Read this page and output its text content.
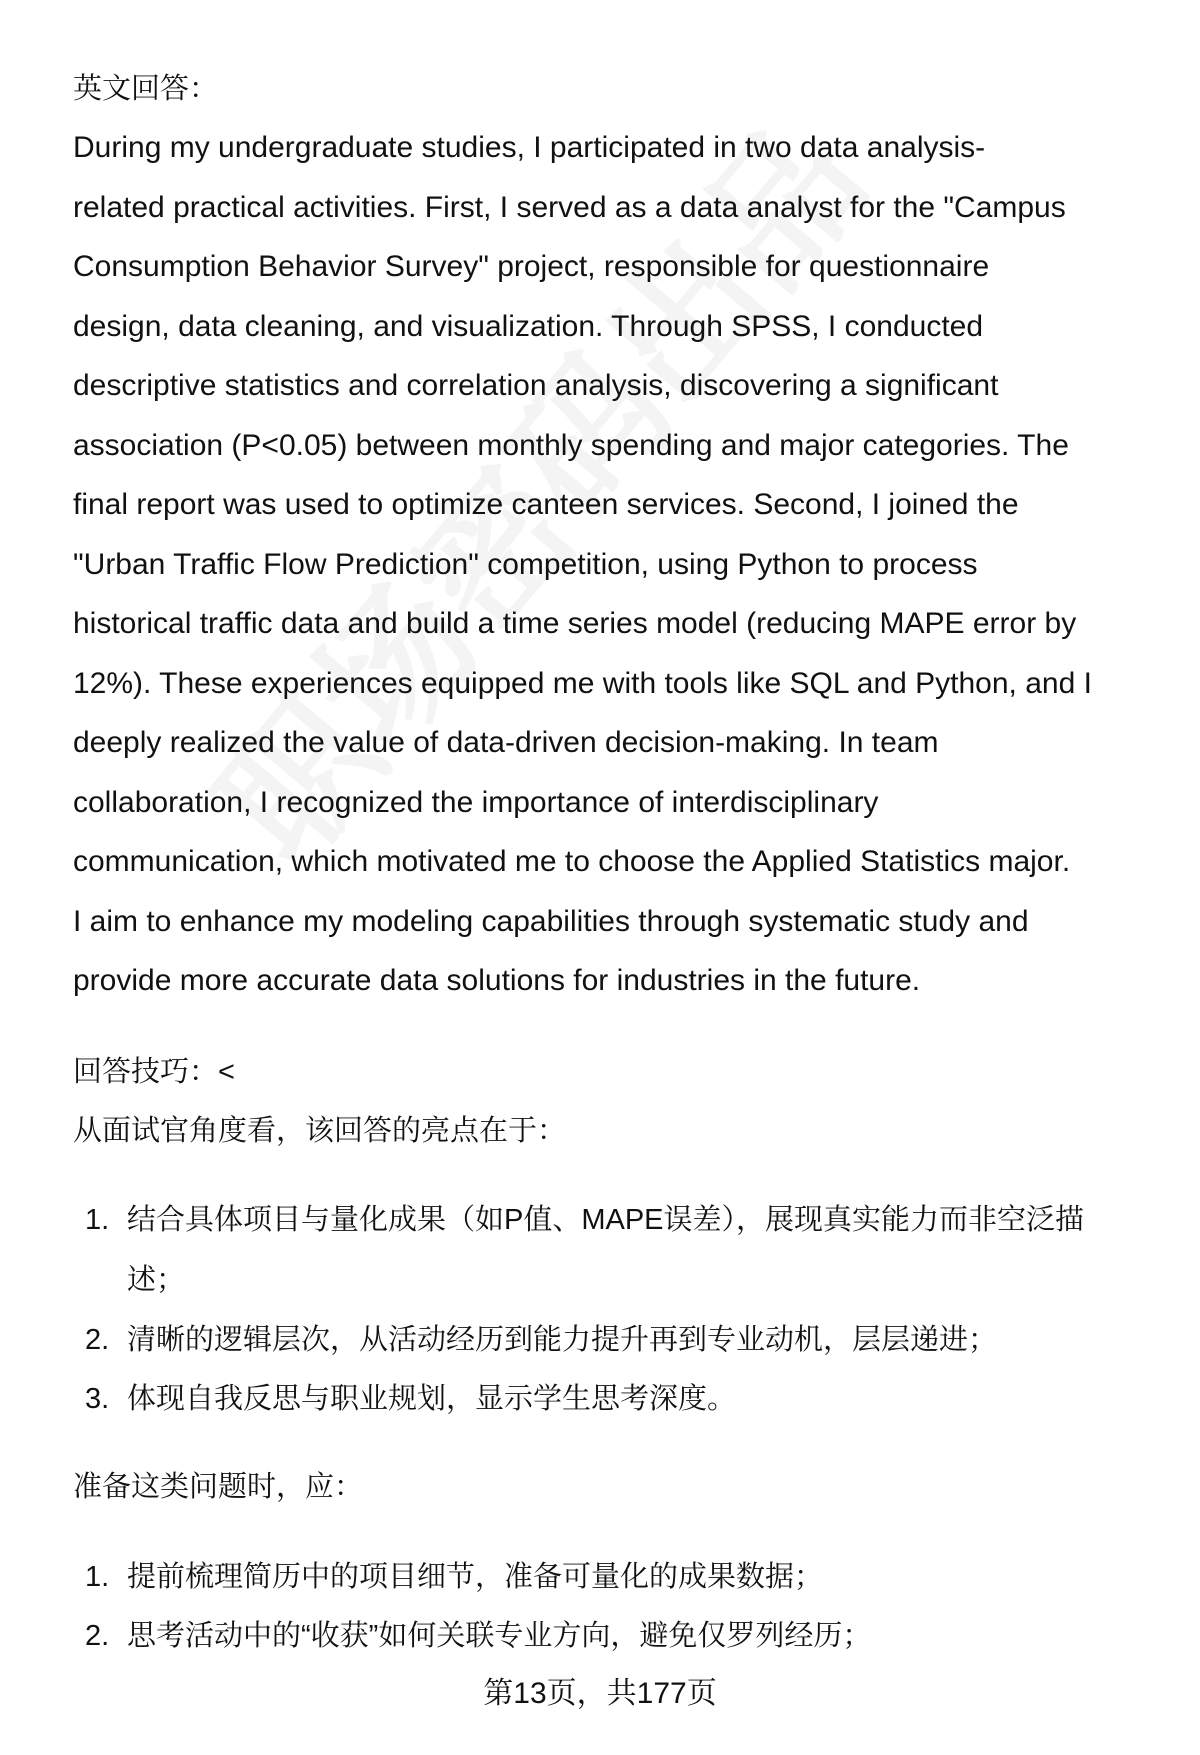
英文回答：
During my undergraduate studies, I participated in two data analysis-
related practical activities. First, I served as a data analyst for the "Campus
Consumption Behavior Survey" project, responsible for questionnaire
design, data cleaning, and visualization. Through SPSS, I conducted
descriptive statistics and correlation analysis, discovering a significant
association (P<0.05) between monthly spending and major categories. The
final report was used to optimize canteen services. Second, I joined the
"Urban Traffic Flow Prediction" competition, using Python to process
historical traffic data and build a time series model (reducing MAPE error by
12%). These experiences equipped me with tools like SQL and Python, and I
deeply realized the value of data-driven decision-making. In team
collaboration, I recognized the importance of interdisciplinary
communication, which motivated me to choose the Applied Statistics major.
I aim to enhance my modeling capabilities through systematic study and
provide more accurate data solutions for industries in the future.
回答技巧：<
从面试官角度看，该回答的亮点在于：
1. 结合具体项目与量化成果（如P值、MAPE误差），展现真实能力而非空泛描
述；
2. 清晰的逻辑层次，从活动经历到能力提升再到专业动机，层层递进；
3. 体现自我反思与职业规划，显示学生思考深度。
准备这类问题时，应：
1. 提前梳理简历中的项目细节，准备可量化的成果数据；
2. 思考活动中的“收获”如何关联专业方向，避免仅罗列经历；
第13页，共177页
